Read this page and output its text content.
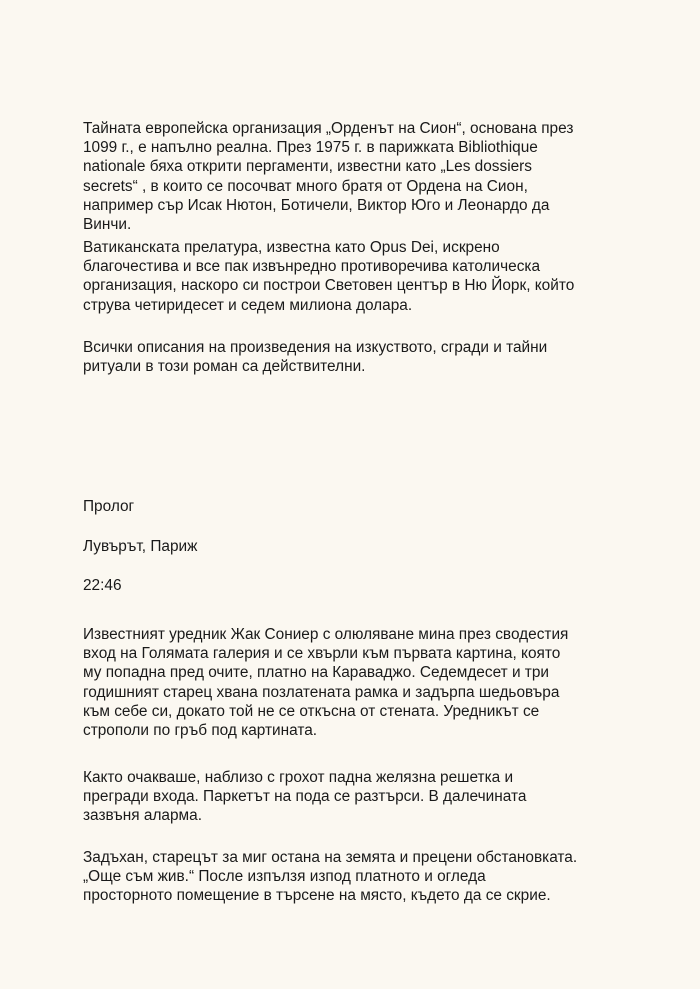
Тайната европейска организация „Орденът на Сион“, основана през
1099 г., е напълно реална. През 1975 г. в парижката Bibliothique
nationale бяха открити пергаменти, известни като „Les dossiers
secrets“ , в които се посочват много братя от Ордена на Сион,
например сър Исак Нютон, Ботичели, Виктор Юго и Леонардо да
Винчи.

Ватиканската прелатура, известна като Opus Dei, искрено
благочестива и все пак извънредно противоречива католическа
организация, наскоро си построи Световен център в Ню Йорк, който
струва четиридесет и седем милиона долара.

Всички описания на произведения на изкуството, сгради и тайни
ритуали в този роман са действителни.

Пролог

Лувърът, Париж

22:46

Известният уредник Жак Сониер с олюляване мина през сводестия
вход на Голямата галерия и се хвърли към първата картина, която
му попадна пред очите, платно на Караваджо. Седемдесет и три
годишният старец хвана позлатената рамка и задърпа шедьовъра
към себе си, докато той не се откъсна от стената. Уредникът се
строполи по гръб под картината.

Както очакваше, наблизо с грохот падна желязна решетка и
прегради входа. Паркетът на пода се разтърси. В далечината
зазвъня аларма.

Задъхан, старецът за миг остана на земята и прецени обстановката.
„Още съм жив.“ После изпълзя изпод платното и огледа
просторното помещение в търсене на място, където да се скрие.
